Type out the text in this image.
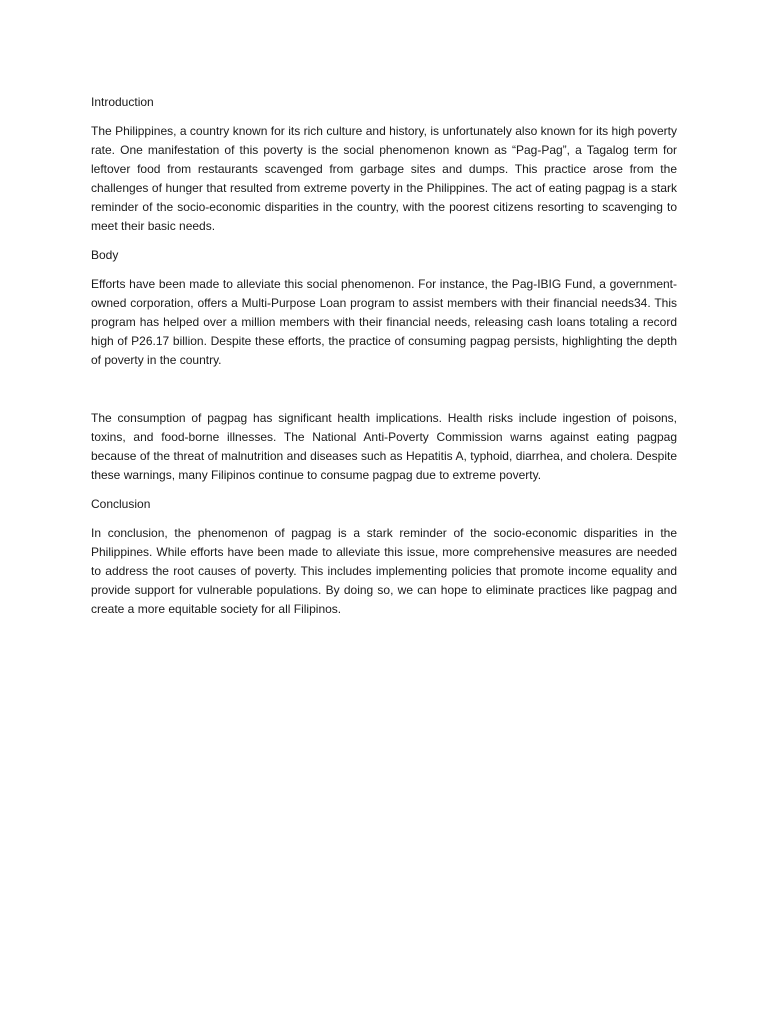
Introduction

The Philippines, a country known for its rich culture and history, is unfortunately also known for its high poverty rate. One manifestation of this poverty is the social phenomenon known as “Pag-Pag”, a Tagalog term for leftover food from restaurants scavenged from garbage sites and dumps. This practice arose from the challenges of hunger that resulted from extreme poverty in the Philippines. The act of eating pagpag is a stark reminder of the socio-economic disparities in the country, with the poorest citizens resorting to scavenging to meet their basic needs.

Body

Efforts have been made to alleviate this social phenomenon. For instance, the Pag-IBIG Fund, a government-owned corporation, offers a Multi-Purpose Loan program to assist members with their financial needs34. This program has helped over a million members with their financial needs, releasing cash loans totaling a record high of P26.17 billion. Despite these efforts, the practice of consuming pagpag persists, highlighting the depth of poverty in the country.

The consumption of pagpag has significant health implications. Health risks include ingestion of poisons, toxins, and food-borne illnesses. The National Anti-Poverty Commission warns against eating pagpag because of the threat of malnutrition and diseases such as Hepatitis A, typhoid, diarrhea, and cholera. Despite these warnings, many Filipinos continue to consume pagpag due to extreme poverty.

Conclusion

In conclusion, the phenomenon of pagpag is a stark reminder of the socio-economic disparities in the Philippines. While efforts have been made to alleviate this issue, more comprehensive measures are needed to address the root causes of poverty. This includes implementing policies that promote income equality and provide support for vulnerable populations. By doing so, we can hope to eliminate practices like pagpag and create a more equitable society for all Filipinos.
